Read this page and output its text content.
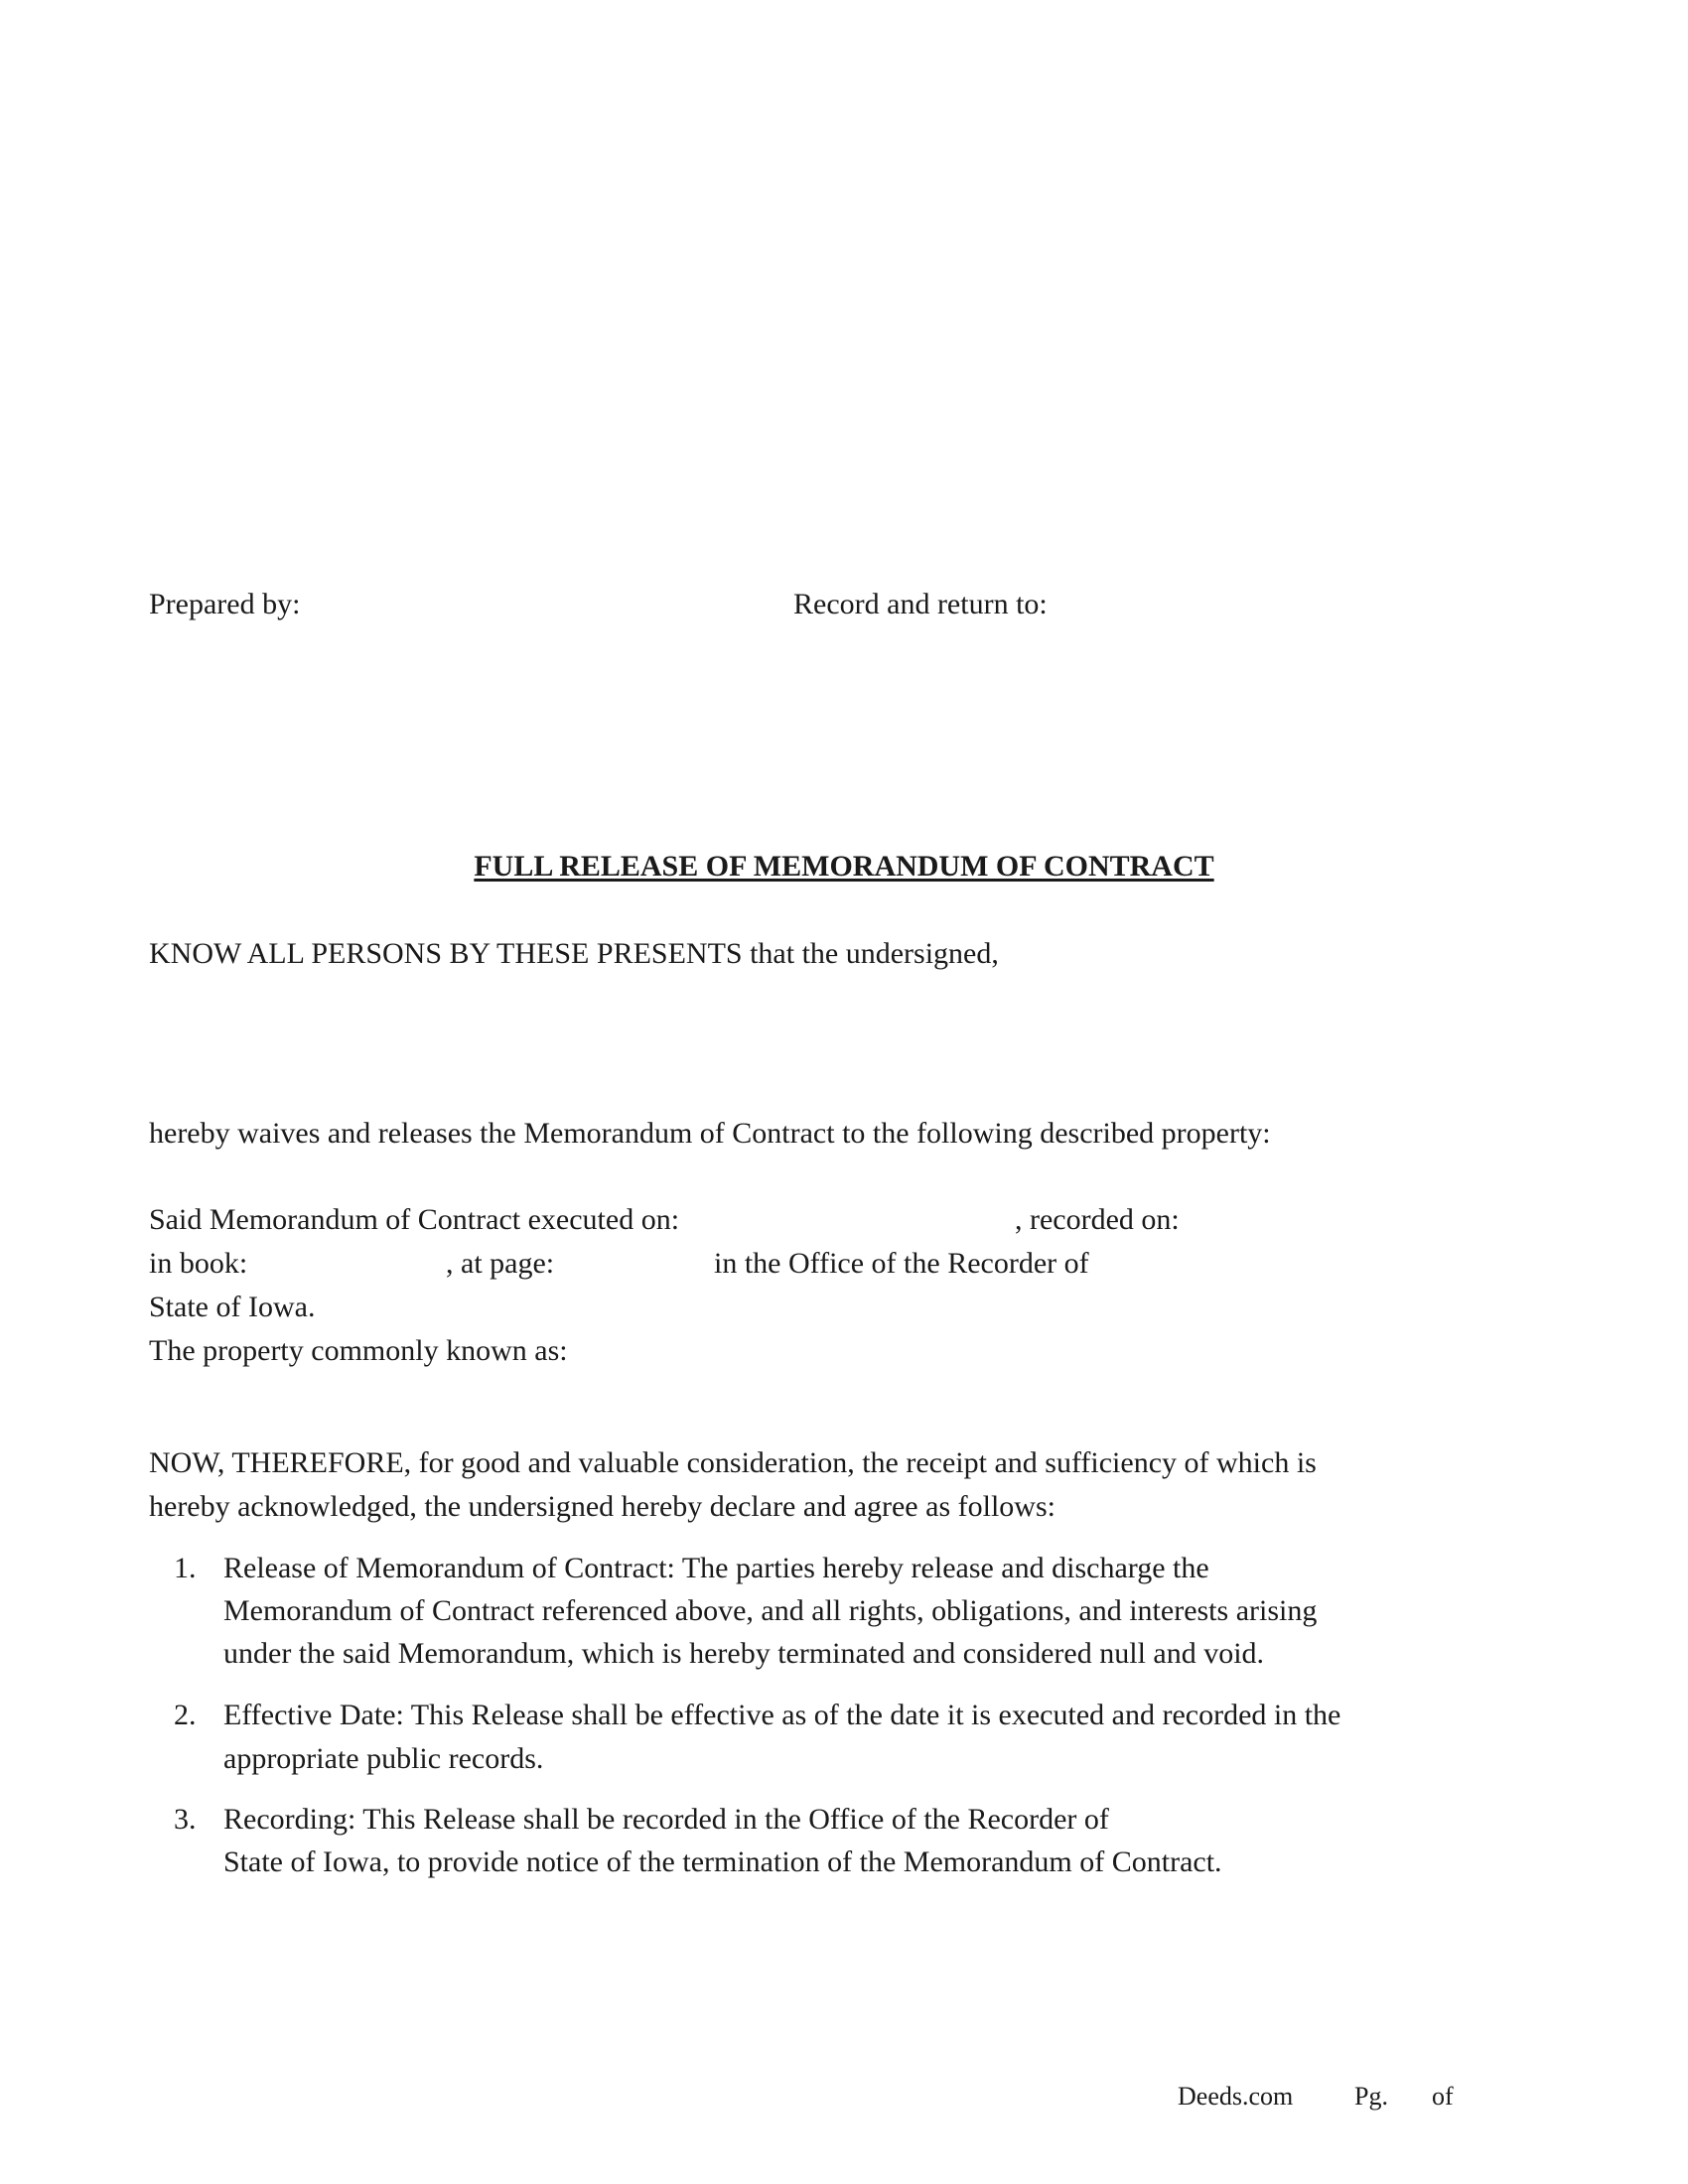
Prepared by:	Record and return to:
FULL RELEASE OF MEMORANDUM OF CONTRACT
KNOW ALL PERSONS BY THESE PRESENTS that the undersigned,
hereby waives and releases the Memorandum of Contract to the following described property:
Said Memorandum of Contract executed on:	, recorded on:
in book:	, at page:	in the Office of the Recorder of
State of Iowa.
The property commonly known as:
NOW, THEREFORE, for good and valuable consideration, the receipt and sufficiency of which is
hereby acknowledged, the undersigned hereby declare and agree as follows:
1. Release of Memorandum of Contract: The parties hereby release and discharge the
Memorandum of Contract referenced above, and all rights, obligations, and interests arising
under the said Memorandum, which is hereby terminated and considered null and void.
2. Effective Date: This Release shall be effective as of the date it is executed and recorded in the
appropriate public records.
3. Recording: This Release shall be recorded in the Office of the Recorder of
State of Iowa, to provide notice of the termination of the Memorandum of Contract.
Deeds.com Pg. of
